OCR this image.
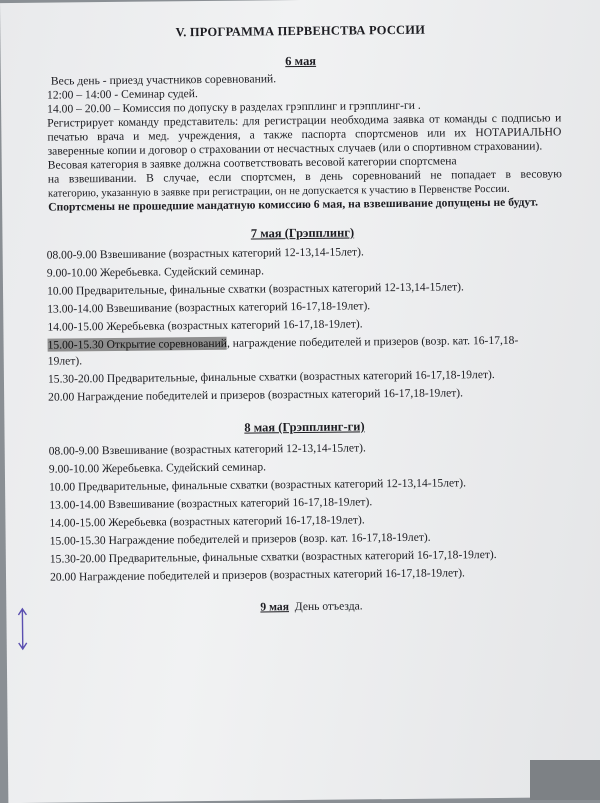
V. ПРОГРАММА ПЕРВЕНСТВА РОССИИ
6 мая
Весь день - приезд участников соревнований.
12:00 – 14:00 - Семинар судей.
14.00 – 20.00 – Комиссия по допуску в разделах грэпплинг и грэпплинг-ги .
Регистрирует команду представитель: для регистрации необходима заявка от команды с подписью и
печатью врача и мед. учреждения, а также паспорта спортсменов или их НОТАРИАЛЬНО
заверенные копии и договор о страховании от несчастных случаев (или о спортивном страховании).
Весовая категория в заявке должна соответствовать весовой категории спортсмена
на взвешивании. В случае, если спортсмен, в день соревнований не попадает в весовую
категорию, указанную в заявке при регистрации, он не допускается к участию в Первенстве России.
Спортсмены не прошедшие мандатную комиссию 6 мая, на взвешивание допущены не будут.
7 мая (Грэпплинг)
08.00-9.00 Взвешивание (возрастных категорий 12-13,14-15лет).
9.00-10.00 Жеребьевка. Судейский семинар.
10.00 Предварительные, финальные схватки (возрастных категорий 12-13,14-15лет).
13.00-14.00 Взвешивание (возрастных категорий 16-17,18-19лет).
14.00-15.00 Жеребьевка (возрастных категорий 16-17,18-19лет).
15.00-15.30 Открытие соревнований, награждение победителей и призеров (возр. кат. 16-17,18-
19лет).
15.30-20.00 Предварительные, финальные схватки (возрастных категорий 16-17,18-19лет).
20.00 Награждение победителей и призеров (возрастных категорий 16-17,18-19лет).
8 мая (Грэпплинг-ги)
08.00-9.00 Взвешивание (возрастных категорий 12-13,14-15лет).
9.00-10.00 Жеребьевка. Судейский семинар.
10.00 Предварительные, финальные схватки (возрастных категорий 12-13,14-15лет).
13.00-14.00 Взвешивание (возрастных категорий 16-17,18-19лет).
14.00-15.00 Жеребьевка (возрастных категорий 16-17,18-19лет).
15.00-15.30 Награждение победителей и призеров (возр. кат. 16-17,18-19лет).
15.30-20.00 Предварительные, финальные схватки (возрастных категорий 16-17,18-19лет).
20.00 Награждение победителей и призеров (возрастных категорий 16-17,18-19лет).
9 мая День отъезда.
